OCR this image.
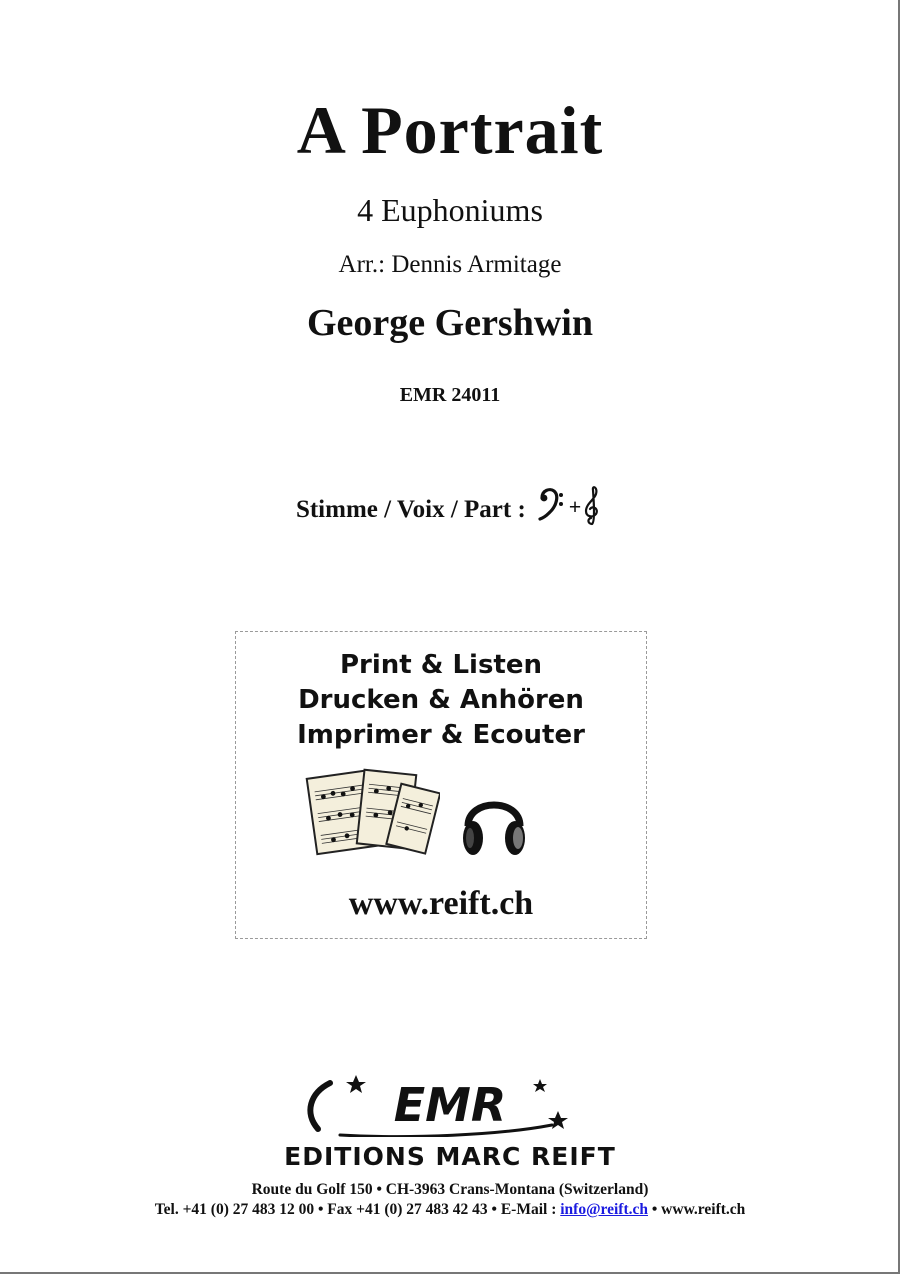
A Portrait
4 Euphoniums
Arr.: Dennis Armitage
George Gershwin
EMR 24011
Stimme / Voix / Part : +
Print & Listen
Drucken & Anhören
Imprimer & Ecouter
www.reift.ch
EMR
EDITIONS MARC REIFT
Route du Golf 150 • CH-3963 Crans-Montana (Switzerland)
Tel. +41 (0) 27 483 12 00 • Fax +41 (0) 27 483 42 43 • E-Mail : info@reift.ch • www.reift.ch
